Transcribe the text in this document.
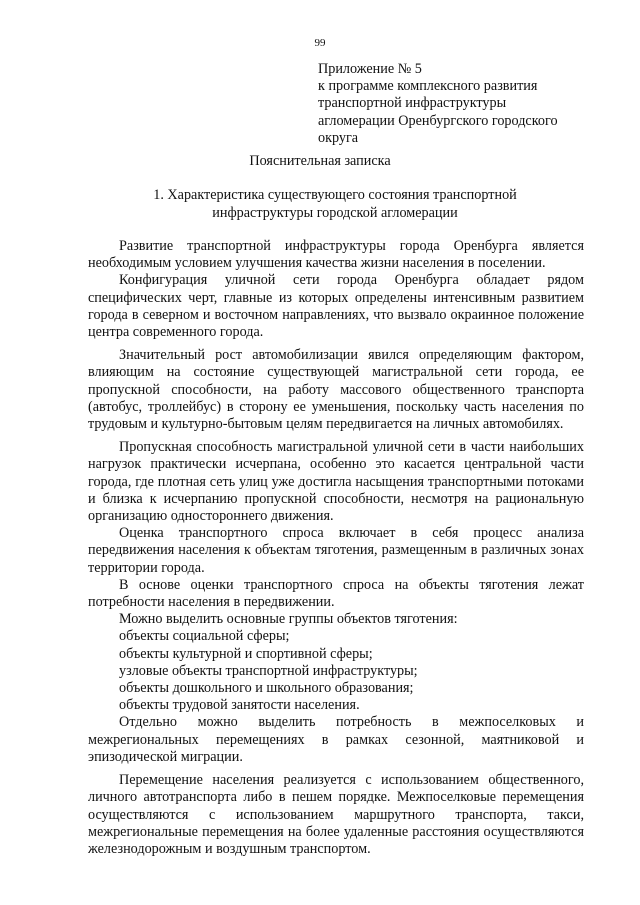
99
Приложение № 5
к программе комплексного развития
транспортной инфраструктуры
агломерации Оренбургского городского
округа
Пояснительная записка
1. Характеристика существующего состояния транспортной
инфраструктуры городской агломерации

Развитие транспортной инфраструктуры города Оренбурга является необходимым условием улучшения качества жизни населения в поселении.

Конфигурация уличной сети города Оренбурга обладает рядом специфических черт, главные из которых определены интенсивным развитием города в северном и восточном направлениях, что вызвало окраинное положение центра современного города.

Значительный рост автомобилизации явился определяющим фактором, влияющим на состояние существующей магистральной сети города, ее пропускной способности, на работу массового общественного транспорта (автобус, троллейбус) в сторону ее уменьшения, поскольку часть населения по трудовым и культурно-бытовым целям передвигается на личных автомобилях.

Пропускная способность магистральной уличной сети в части наибольших нагрузок практически исчерпана, особенно это касается центральной части города, где плотная сеть улиц уже достигла насыщения транспортными потоками и близка к исчерпанию пропускной способности, несмотря на рациональную организацию одностороннего движения.

Оценка транспортного спроса включает в себя процесс анализа передвижения населения к объектам тяготения, размещенным в различных зонах территории города.

В основе оценки транспортного спроса на объекты тяготения лежат потребности населения в передвижении.

Можно выделить основные группы объектов тяготения:

объекты социальной сферы;

объекты культурной и спортивной сферы;

узловые объекты транспортной инфраструктуры;

объекты дошкольного и школьного образования;

объекты трудовой занятости населения.

Отдельно можно выделить потребность в межпоселковых и межрегиональных перемещениях в рамках сезонной, маятниковой и эпизодической миграции.

Перемещение населения реализуется с использованием общественного, личного автотранспорта либо в пешем порядке. Межпоселковые перемещения осуществляются с использованием маршрутного транспорта, такси, межрегиональные перемещения на более удаленные расстояния осуществляются железнодорожным и воздушным транспортом.
